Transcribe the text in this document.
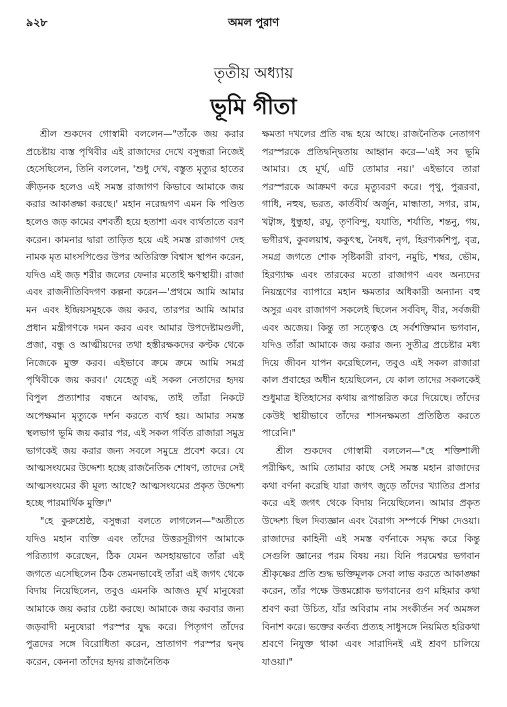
৯২৮	অমল পুরাণ
তৃতীয় অধ্যায়
ভূমি গীতা

শ্রীল শুকদেব গোস্বামী বললেন—"তাঁকে জয় করার প্রচেষ্টায় ব্যস্ত পৃথিবীর এই রাজাদের দেখে বসুন্ধরা নিজেই হেসেছিলেন, তিনি বললেন, 'শুধু দেখ, বস্তুত মৃত্যুর হাতের ক্রীড়নক হলেও এই সমস্ত রাজাগণ কিভাবে আমাকে জয় করার আকাঙ্ক্ষা করছে।' মহান নরেন্দ্রগণ এমন কি পণ্ডিত হলেও জড় কামের বশবর্তী হয়ে হতাশা এবং ব্যর্থতাতে বরণ করেন। কামনার দ্বারা তাড়িত হয়ে এই সমস্ত রাজাগণ দেহ নামক মৃত মাংসপিণ্ডের উপর অতিরিক্ত বিশ্বাস স্থাপন করেন, যদিও এই জড় শরীর জলের ফেনার মতোই ক্ষণস্থায়ী। রাজা এবং রাজনীতিবিদগণ কল্পনা করেন—'প্রথমে আমি আমার মন এবং ইন্দ্রিয়সমূহকে জয় করব, তারপর আমি আমার প্রধান মন্ত্রীগণকে দমন করব এবং আমার উপদেষ্টামণ্ডলী, প্রজা, বন্ধু ও আত্মীয়দের তথা হস্তীরক্ষকদের কণ্টক থেকে নিজেকে মুক্ত করব। এইভাবে ক্রমে ক্রমে আমি সমগ্র পৃথিবীকে জয় করব।' যেহেতু এই সকল নেতাদের হৃদয় বিপুল প্রত্যাশার বন্ধনে আবদ্ধ, তাই তাঁরা নিকটে অপেক্ষমান মৃত্যুকে দর্শন করতে ব্যর্থ হয়। আমার সমস্ত স্থলভাগ ভূমি জয় করার পর, এই সকল গর্বিত রাজারা সমুদ্র ভাগকেই জয় করার জন্য সবলে সমুদ্রে প্রবেশ করে। যে আত্মসংযমের উদ্দেশ্য হচ্ছে রাজনৈতিক শোষণ, তাদের সেই আত্মসংযমের কী মূল্য আছে? আত্মসংযমের প্রকৃত উদ্দেশ্য হচ্ছে পারমার্থিক মুক্তি।"

"হে কুরুশ্রেষ্ঠ, বসুন্ধরা বলতে লাগলেন—"অতীতে যদিও মহান ব্যক্তি এবং তাঁদের উত্তরসূরীগণ আমাকে পরিত্যাগ করেছেন, ঠিক যেমন অসহায়ভাবে তাঁরা এই জগতে এসেছিলেন ঠিক তেমনভাবেই তাঁরা এই জগৎ থেকে বিদায় নিয়েছিলেন, তবুও এমনকি আজও মূর্খ মানুষেরা আমাকে জয় করার চেষ্টা করছে। আমাকে জয় করবার জন্য জড়বাদী মনুষ্যেরা পরস্পর যুদ্ধ করে। পিতৃগণ তাঁদের পুত্রদের সঙ্গে বিরোধিতা করেন, ভ্রাতাগণ পরস্পর দ্বন্দ্ব করেন, কেননা তাঁদের হৃদয় রাজনৈতিক

ক্ষমতা দখলের প্রতি বদ্ধ হয়ে আছে। রাজনৈতিক নেতাগণ পরস্পরকে প্রতিদ্বন্দ্বিতায় আহ্বান করে—'এই সব ভূমি আমার। হে মূর্খ, এটি তোমার নয়।' এইভাবে তারা পরস্পরকে আক্রমণ করে মৃত্যুবরণ করে। পৃথু, পুরূরবা, গাধি, নহুষ, ভরত, কার্তবীর্য অর্জুন, মান্ধাতা, সগর, রাম, খট্বাঙ্গ, ধুন্ধুহা, রঘু, তৃণবিন্দু, যযাতি, শর্যাতি, শন্তনু, গয়, ভগীরথ, কুবলয়াশ্ব, ককুৎস্থ, নৈষধ, নৃগ, হিরণ্যকশিপু, বৃত্র, সমগ্র জগতে শোক সৃষ্টিকারী রাবণ, নমুচি, শম্বর, ভৌম, হিরণ্যাক্ষ এবং তারকের মতো রাজাগণ এবং অন্যদের নিয়ন্ত্রণের ব্যাপারে মহান ক্ষমতার অধিকারী অন্যান্য বহু অসুর এবং রাজাগণ সকলেই ছিলেন সর্ববিদ্, বীর, সর্বজয়ী এবং অজেয়। কিন্তু তা সত্ত্বেও হে সর্বশক্তিমান ভগবান, যদিও তাঁরা আমাকে জয় করার জন্য সুতীব্র প্রচেষ্টার মধ্য দিয়ে জীবন যাপন করেছিলেন, তবুও এই সকল রাজারা কাল প্রবাহের অধীন হয়েছিলেন, যে কাল তাদের সকলকেই শুধুমাত্র ইতিহাসের কথায় রূপান্তরিত করে দিয়েছে। তাঁদের কেউই স্থায়ীভাবে তাঁদের শাসনক্ষমতা প্রতিষ্ঠিত করতে পারেনি।"

শ্রীল শুকদেব গোস্বামী বললেন—"হে শক্তিশালী পরীক্ষিৎ, আমি তোমার কাছে সেই সমস্ত মহান রাজাদের কথা বর্ণনা করেছি যারা জগৎ জুড়ে তাঁদের খ্যাতির প্রসার করে এই জগৎ থেকে বিদায় নিয়েছিলেন। আমার প্রকৃত উদ্দেশ্য ছিল দিব্যজ্ঞান এবং বৈরাগ্য সম্পর্কে শিক্ষা দেওয়া। রাজাদের কাহিনী এই সমস্ত বর্ণনাকে সমৃদ্ধ করে কিন্তু সেগুলি জ্ঞানের পরম বিষয় নয়। যিনি পরমেশ্বর ভগবান শ্রীকৃষ্ণের প্রতি শুদ্ধ ভক্তিমূলক সেবা লাভ করতে আকাঙ্ক্ষা করেন, তাঁর পক্ষে উত্তমশ্লোক ভগবানের গুণ মহিমার কথা শ্রবণ করা উচিত, যাঁর অবিরাম নাম সংকীর্তন সর্ব অমঙ্গল বিনাশ করে। ভক্তের কর্তব্য প্রত্যহ সাধুসঙ্গে নিয়মিত হরিকথা শ্রবণে নিযুক্ত থাকা এবং সারাদিনই এই শ্রবণ চালিয়ে যাওয়া।"
